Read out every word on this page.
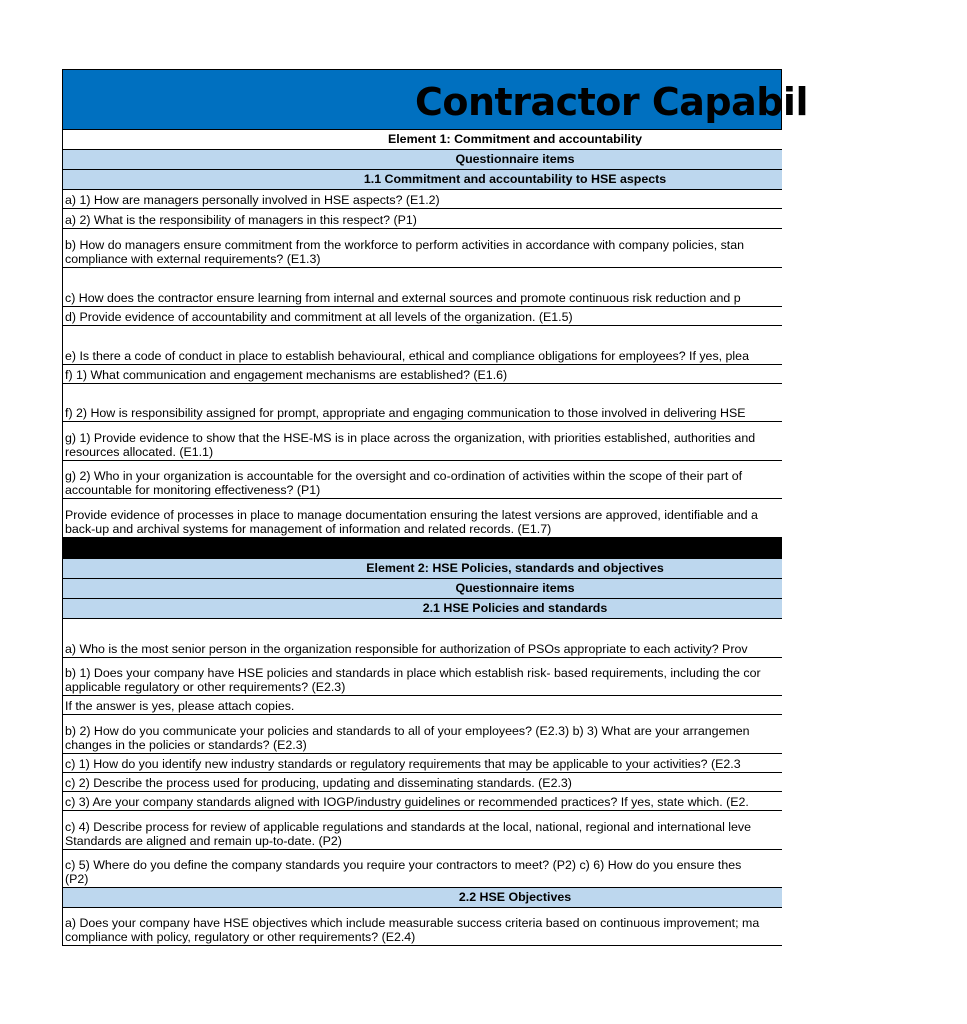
Contractor Capabil
Element 1: Commitment and accountability
Questionnaire items
1.1 Commitment and accountability to HSE aspects
a) 1) How are managers personally involved in HSE aspects? (E1.2)
a) 2) What is the responsibility of managers in this respect? (P1)
b) How do managers ensure commitment from the workforce to perform activities in accordance with company policies, stan
compliance with external requirements? (E1.3)
c) How does the contractor ensure learning from internal and external sources and promote continuous risk reduction and p
d) Provide evidence of accountability and commitment at all levels of the organization. (E1.5)
e) Is there a code of conduct in place to establish behavioural, ethical and compliance obligations for employees? If yes, plea
f) 1) What communication and engagement mechanisms are established? (E1.6)
f) 2) How is responsibility assigned for prompt, appropriate and engaging communication to those involved in delivering HSE
g) 1) Provide evidence to show that the HSE-MS is in place across the organization, with priorities established, authorities and
resources allocated. (E1.1)
g) 2) Who in your organization is accountable for the oversight and co-ordination of activities within the scope of their part of
accountable for monitoring effectiveness? (P1)
Provide evidence of processes in place to manage documentation ensuring the latest versions are approved, identifiable and a
back-up and archival systems for management of information and related records. (E1.7)
Element 2: HSE Policies, standards and objectives
Questionnaire items
2.1 HSE Policies and standards
a) Who is the most senior person in the organization responsible for authorization of PSOs appropriate to each activity? Prov
b) 1) Does your company have HSE policies and standards in place which establish risk- based requirements, including the cor
applicable regulatory or other requirements? (E2.3)
If the answer is yes, please attach copies.
b) 2) How do you communicate your policies and standards to all of your employees? (E2.3) b) 3) What are your arrangemen
changes in the policies or standards? (E2.3)
c) 1) How do you identify new industry standards or regulatory requirements that may be applicable to your activities? (E2.3
c) 2) Describe the process used for producing, updating and disseminating standards. (E2.3)
c) 3) Are your company standards aligned with IOGP/industry guidelines or recommended practices? If yes, state which. (E2.
c) 4) Describe process for review of applicable regulations and standards at the local, national, regional and international leve
Standards are aligned and remain up-to-date. (P2)
c) 5) Where do you define the company standards you require your contractors to meet? (P2) c) 6) How do you ensure thes
(P2)
2.2 HSE Objectives
a) Does your company have HSE objectives which include measurable success criteria based on continuous improvement; ma
compliance with policy, regulatory or other requirements? (E2.4)
